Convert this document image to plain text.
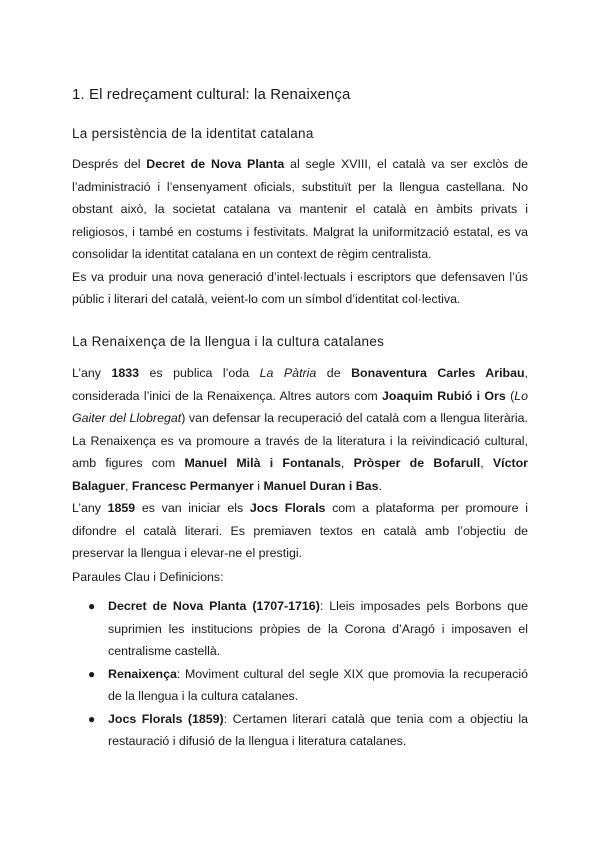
1. El redreçament cultural: la Renaixença
La persistència de la identitat catalana

Després del Decret de Nova Planta al segle XVIII, el català va ser exclòs de l’administració i l’ensenyament oficials, substituït per la llengua castellana. No obstant això, la societat catalana va mantenir el català en àmbits privats i religiosos, i també en costums i festivitats. Malgrat la uniformització estatal, es va consolidar la identitat catalana en un context de règim centralista.

Es va produir una nova generació d’intel·lectuals i escriptors que defensaven l’ús públic i literari del català, veient-lo com un símbol d’identitat col·lectiva.

La Renaixença de la llengua i la cultura catalanes

L’any 1833 es publica l’oda La Pàtria de Bonaventura Carles Aribau, considerada l’inici de la Renaixença. Altres autors com Joaquim Rubió i Ors (Lo Gaiter del Llobregat) van defensar la recuperació del català com a llengua literària. La Renaixença es va promoure a través de la literatura i la reivindicació cultural, amb figures com Manuel Milà i Fontanals, Pròsper de Bofarull, Víctor Balaguer, Francesc Permanyer i Manuel Duran i Bas.

L’any 1859 es van iniciar els Jocs Florals com a plataforma per promoure i difondre el català literari. Es premiaven textos en català amb l’objectiu de preservar la llengua i elevar-ne el prestigi.

Paraules Clau i Definicions:

● Decret de Nova Planta (1707-1716): Lleis imposades pels Borbons que suprimien les institucions pròpies de la Corona d’Aragó i imposaven el centralisme castellà.
● Renaixença: Moviment cultural del segle XIX que promovia la recuperació de la llengua i la cultura catalanes.
● Jocs Florals (1859): Certamen literari català que tenia com a objectiu la restauració i difusió de la llengua i literatura catalanes.
